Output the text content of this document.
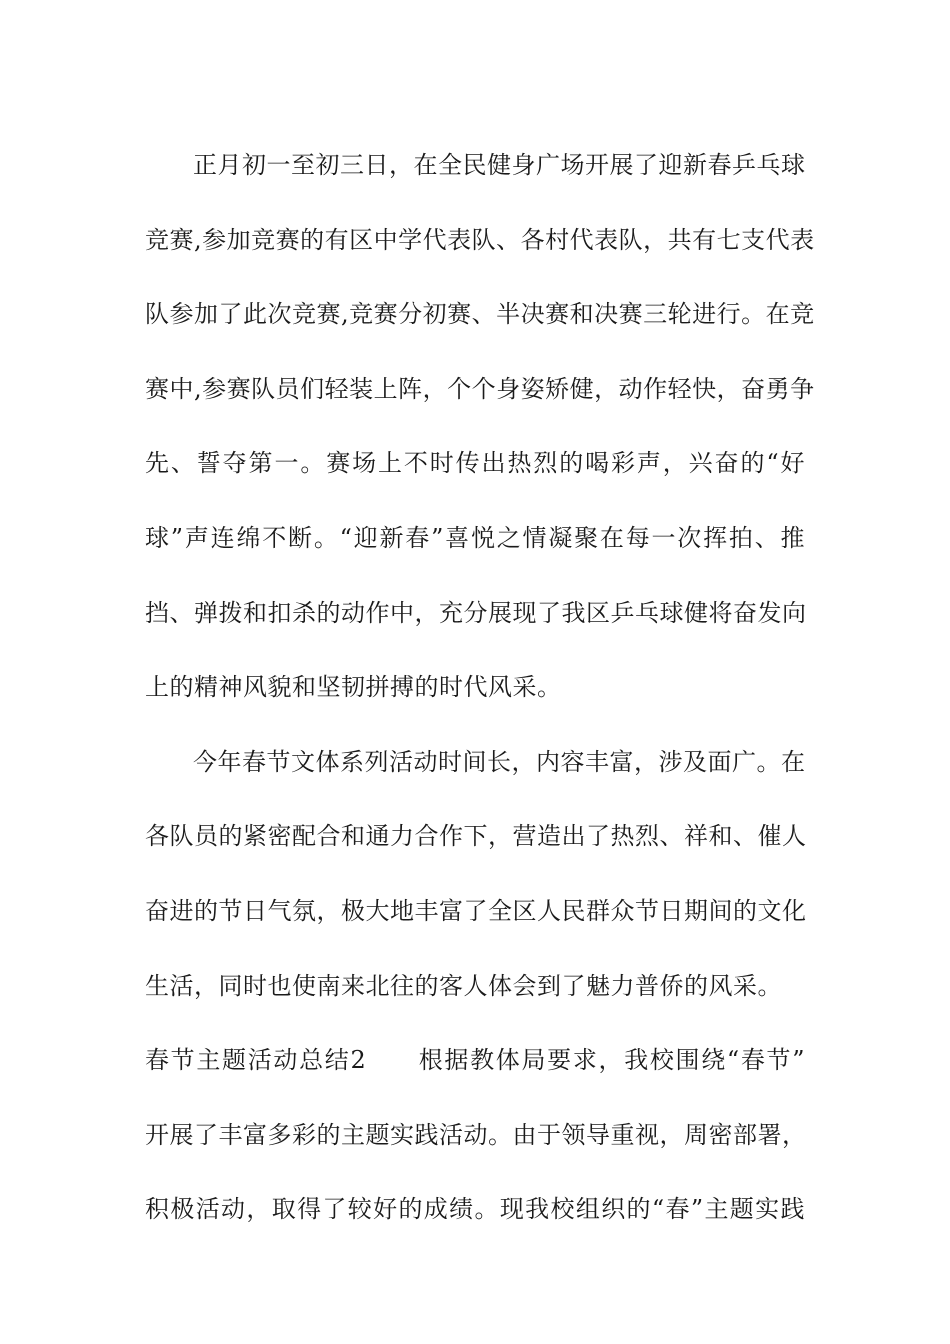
正月初一至初三日，在全民健身广场开展了迎新春乒乓球
竞赛,参加竞赛的有区中学代表队、各村代表队，共有七支代表
队参加了此次竞赛,竞赛分初赛、半决赛和决赛三轮进行。在竞
赛中,参赛队员们轻装上阵，个个身姿矫健，动作轻快，奋勇争
先、誓夺第一。赛场上不时传出热烈的喝彩声，兴奋的“好
球”声连绵不断。“迎新春”喜悦之情凝聚在每一次挥拍、推
挡、弹拨和扣杀的动作中，充分展现了我区乒乓球健将奋发向
上的精神风貌和坚韧拼搏的时代风采。
今年春节文体系列活动时间长，内容丰富，涉及面广。在
各队员的紧密配合和通力合作下，营造出了热烈、祥和、催人
奋进的节日气氛，极大地丰富了全区人民群众节日期间的文化
生活，同时也使南来北往的客人体会到了魅力普侨的风采。
春节主题活动总结2　　根据教体局要求，我校围绕“春节”
开展了丰富多彩的主题实践活动。由于领导重视，周密部署，
积极活动，取得了较好的成绩。现我校组织的“春”主题实践
